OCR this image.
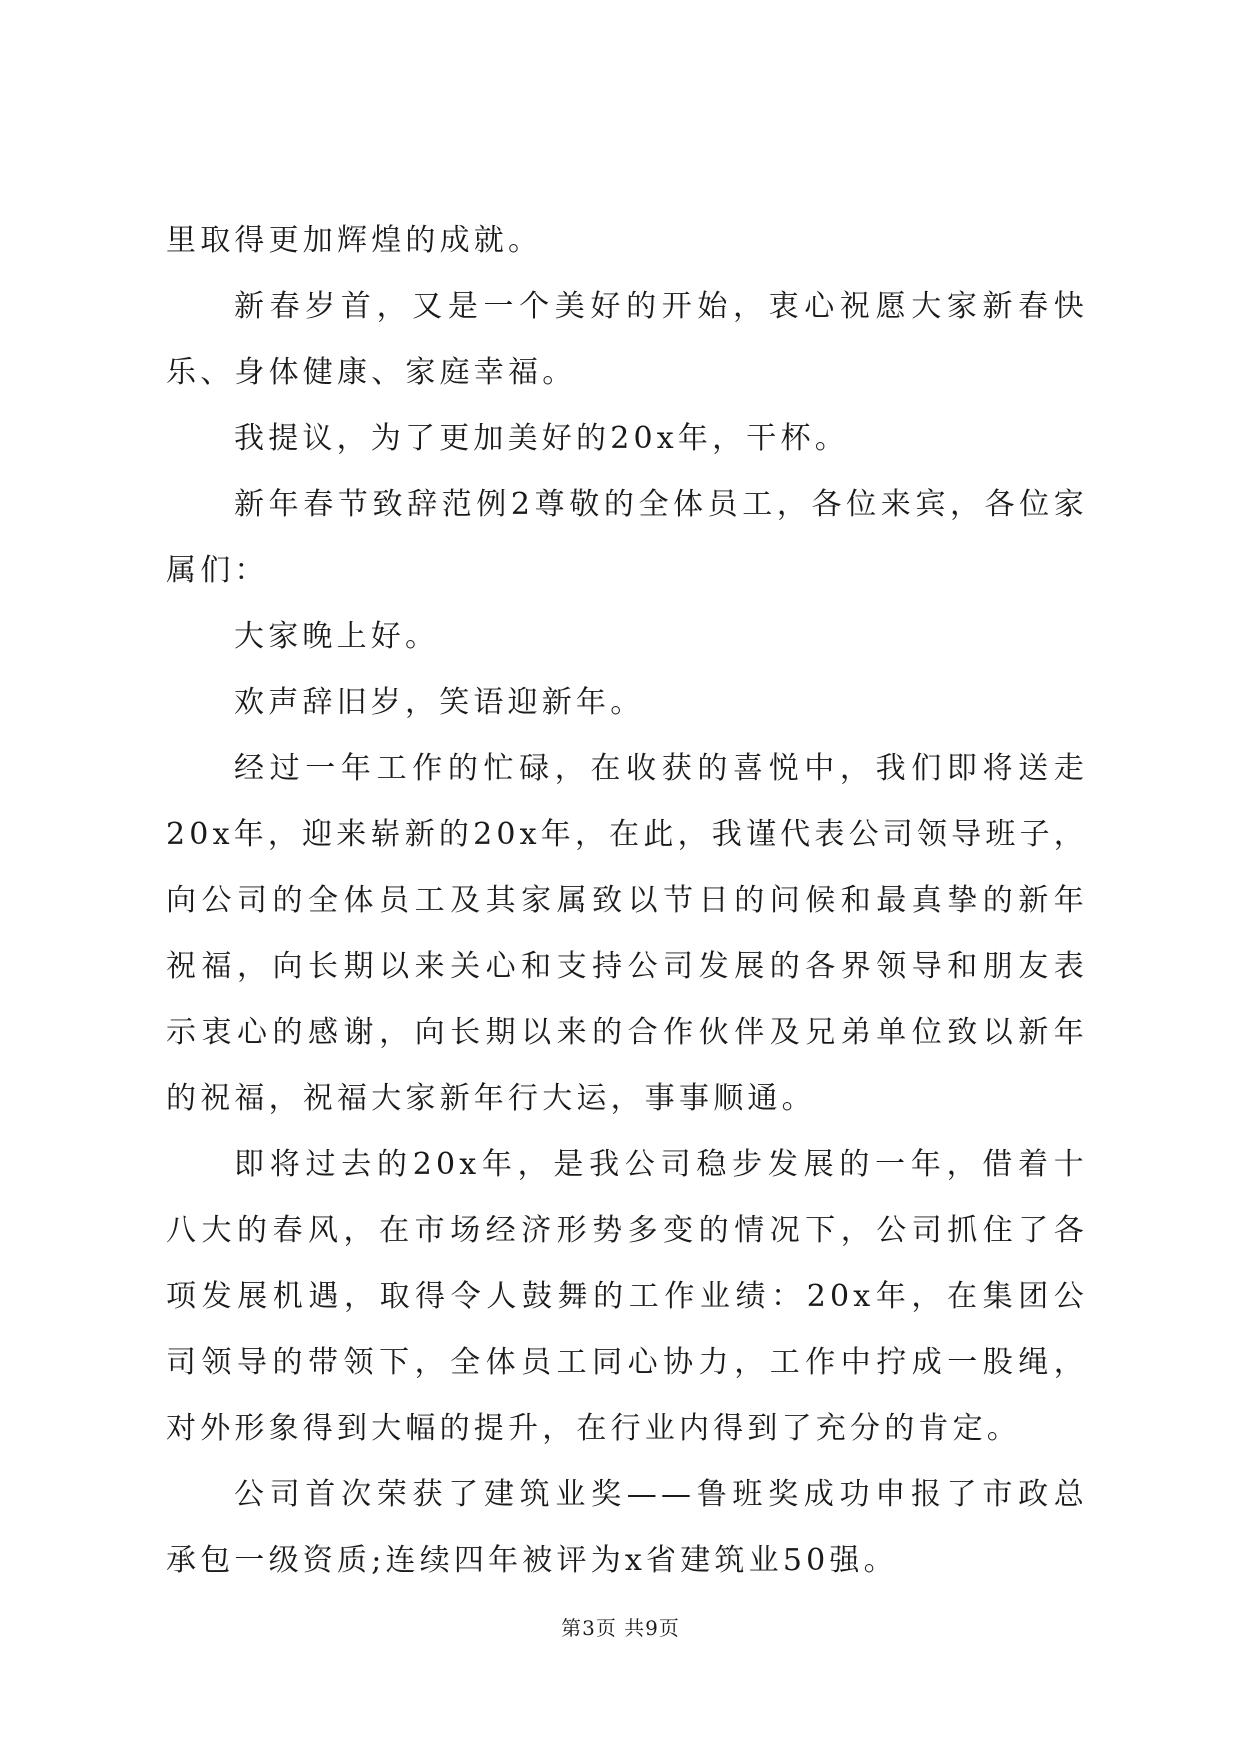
里取得更加辉煌的成就。

新春岁首，又是一个美好的开始，衷心祝愿大家新春快乐、身体健康、家庭幸福。

我提议，为了更加美好的20x年，干杯。

新年春节致辞范例2尊敬的全体员工，各位来宾，各位家属们：

大家晚上好。

欢声辞旧岁，笑语迎新年。

经过一年工作的忙碌，在收获的喜悦中，我们即将送走20x年，迎来崭新的20x年，在此，我谨代表公司领导班子，向公司的全体员工及其家属致以节日的问候和最真挚的新年祝福，向长期以来关心和支持公司发展的各界领导和朋友表示衷心的感谢，向长期以来的合作伙伴及兄弟单位致以新年的祝福，祝福大家新年行大运，事事顺通。

即将过去的20x年，是我公司稳步发展的一年，借着十八大的春风，在市场经济形势多变的情况下，公司抓住了各项发展机遇，取得令人鼓舞的工作业绩：20x年，在集团公司领导的带领下，全体员工同心协力，工作中拧成一股绳，对外形象得到大幅的提升，在行业内得到了充分的肯定。

公司首次荣获了建筑业奖——鲁班奖成功申报了市政总承包一级资质;连续四年被评为x省建筑业50强。

第3页 共9页
